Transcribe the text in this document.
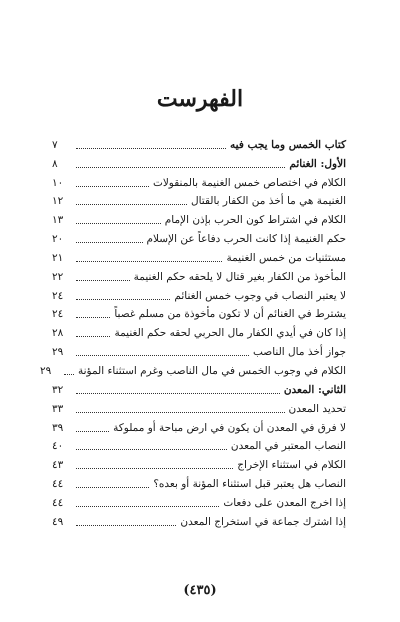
الفهرست
كتاب الخمس وما يجب فيه
٧
الأول: الغنائم
٨
الكلام في اختصاص خمس الغنيمة بالمنقولات
١٠
الغنيمة هي ما أخذ من الكفار بالقتال
١٢
الكلام في اشتراط كون الحرب بإذن الإمام
١٣
حكم الغنيمة إذا كانت الحرب دفاعاً عن الإسلام
٢٠
مستثنيات من خمس الغنيمة
٢١
المأخوذ من الكفار بغير قتال لا يلحقه حكم الغنيمة
٢٢
لا يعتبر النصاب في وجوب خمس الغنائم
٢٤
يشترط في الغنائم أن لا تكون مأخوذة من مسلم غصباً
٢٤
إذا كان في أيدي الكفار مال الحربي لحقه حكم الغنيمة
٢٨
جواز أخذ مال الناصب
٢٩
الكلام في وجوب الخمس في مال الناصب وغرم استثناء المؤنة
٢٩
الثاني: المعدن
٣٢
تحديد المعدن
٣٣
لا فرق في المعدن أن يكون في ارض مباحة أو مملوكة
٣٩
النصاب المعتبر في المعدن
٤٠
الكلام في استثناء الإخراج
٤٣
النصاب هل يعتبر قبل استثناء المؤنة أو بعده؟
٤٤
إذا اخرج المعدن على دفعات
٤٤
إذا اشترك جماعة في استخراج المعدن
٤٩
(٤٣٥)
